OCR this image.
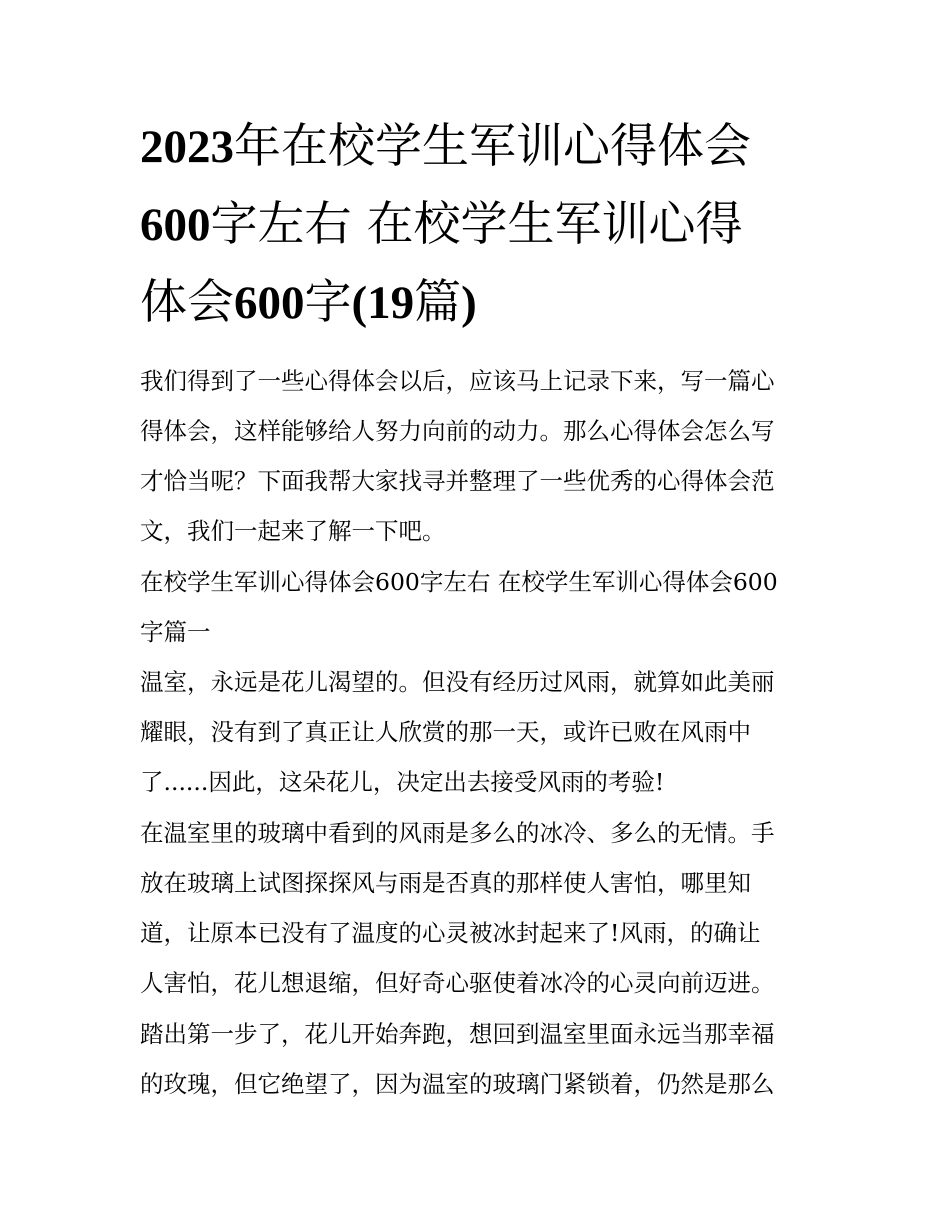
2023年在校学生军训心得体会
600字左右 在校学生军训心得
体会600字(19篇)

我们得到了一些心得体会以后，应该马上记录下来，写一篇心

得体会，这样能够给人努力向前的动力。那么心得体会怎么写

才恰当呢？下面我帮大家找寻并整理了一些优秀的心得体会范

文，我们一起来了解一下吧。

在校学生军训心得体会600字左右 在校学生军训心得体会600

字篇一

温室，永远是花儿渴望的。但没有经历过风雨，就算如此美丽

耀眼，没有到了真正让人欣赏的那一天，或许已败在风雨中

了......因此，这朵花儿，决定出去接受风雨的考验!

在温室里的玻璃中看到的风雨是多么的冰冷、多么的无情。手

放在玻璃上试图探探风与雨是否真的那样使人害怕，哪里知

道，让原本已没有了温度的心灵被冰封起来了!风雨，的确让

人害怕，花儿想退缩，但好奇心驱使着冰冷的心灵向前迈进。

踏出第一步了，花儿开始奔跑，想回到温室里面永远当那幸福

的玫瑰，但它绝望了，因为温室的玻璃门紧锁着，仍然是那么
